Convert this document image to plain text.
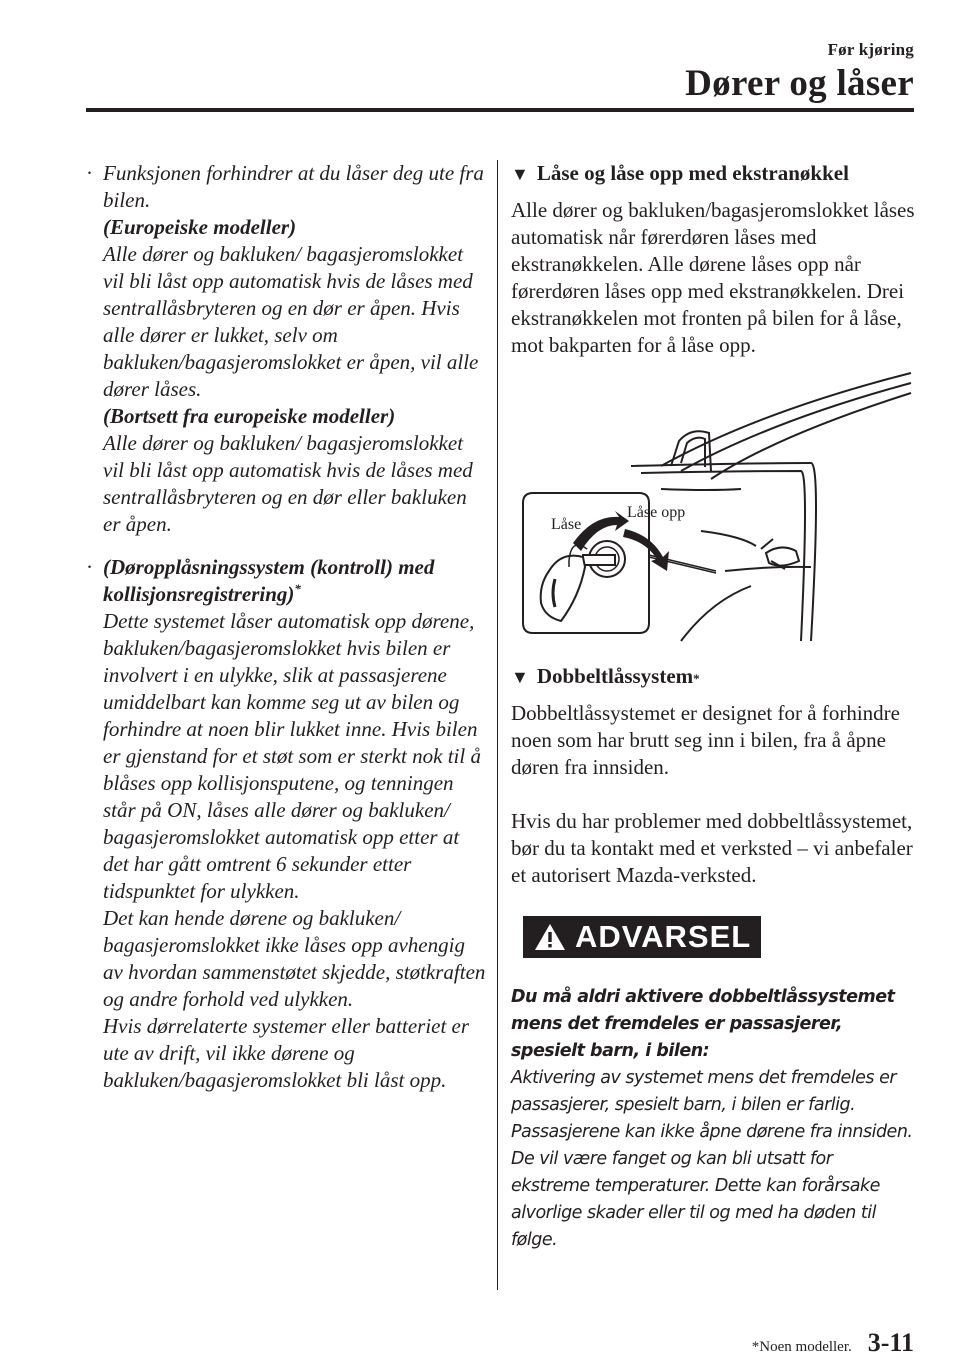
Før kjøring
Dører og låser
· Funksjonen forhindrer at du låser deg ute fra bilen.
(Europeiske modeller)
Alle dører og bakluken/ bagasjeromslokket vil bli låst opp automatisk hvis de låses med sentrallåsbryteren og en dør er åpen. Hvis alle dører er lukket, selv om bakluken/bagasjeromslokket er åpen, vil alle dører låses.
(Bortsett fra europeiske modeller)
Alle dører og bakluken/ bagasjeromslokket vil bli låst opp automatisk hvis de låses med sentrallåsbryteren og en dør eller bakluken er åpen.
· (Døropplåsningssystem (kontroll) med kollisjonsregistrering)*
Dette systemet låser automatisk opp dørene, bakluken/bagasjeromslokket hvis bilen er involvert i en ulykke, slik at passasjerene umiddelbart kan komme seg ut av bilen og forhindre at noen blir lukket inne. Hvis bilen er gjenstand for et støt som er sterkt nok til å blåses opp kollisjonsputene, og tenningen står på ON, låses alle dører og bakluken/ bagasjeromslokket automatisk opp etter at det har gått omtrent 6 sekunder etter tidspunktet for ulykken.
Det kan hende dørene og bakluken/ bagasjeromslokket ikke låses opp avhengig av hvordan sammenstøtet skjedde, støtkraften og andre forhold ved ulykken.
Hvis dørrelaterte systemer eller batteriet er ute av drift, vil ikke dørene og bakluken/bagasjeromslokket bli låst opp.
▼ Låse og låse opp med ekstranøkkel
Alle dører og bakluken/bagasjeromslokket låses automatisk når førerdøren låses med ekstranøkkelen. Alle dørene låses opp når førerdøren låses opp med ekstranøkkelen. Drei ekstranøkkelen mot fronten på bilen for å låse, mot bakparten for å låse opp.
Låse
Låse opp
▼ Dobbeltlåssystem *
Dobbeltlåssystemet er designet for å forhindre noen som har brutt seg inn i bilen, fra å åpne døren fra innsiden.
Hvis du har problemer med dobbeltlåssystemet, bør du ta kontakt med et verksted – vi anbefaler et autorisert Mazda-verksted.
ADVARSEL
Du må aldri aktivere dobbeltlåssystemet mens det fremdeles er passasjerer, spesielt barn, i bilen:
Aktivering av systemet mens det fremdeles er passasjerer, spesielt barn, i bilen er farlig. Passasjerene kan ikke åpne dørene fra innsiden. De vil være fanget og kan bli utsatt for ekstreme temperaturer. Dette kan forårsake alvorlige skader eller til og med ha døden til følge.
*Noen modeller. 3-11
